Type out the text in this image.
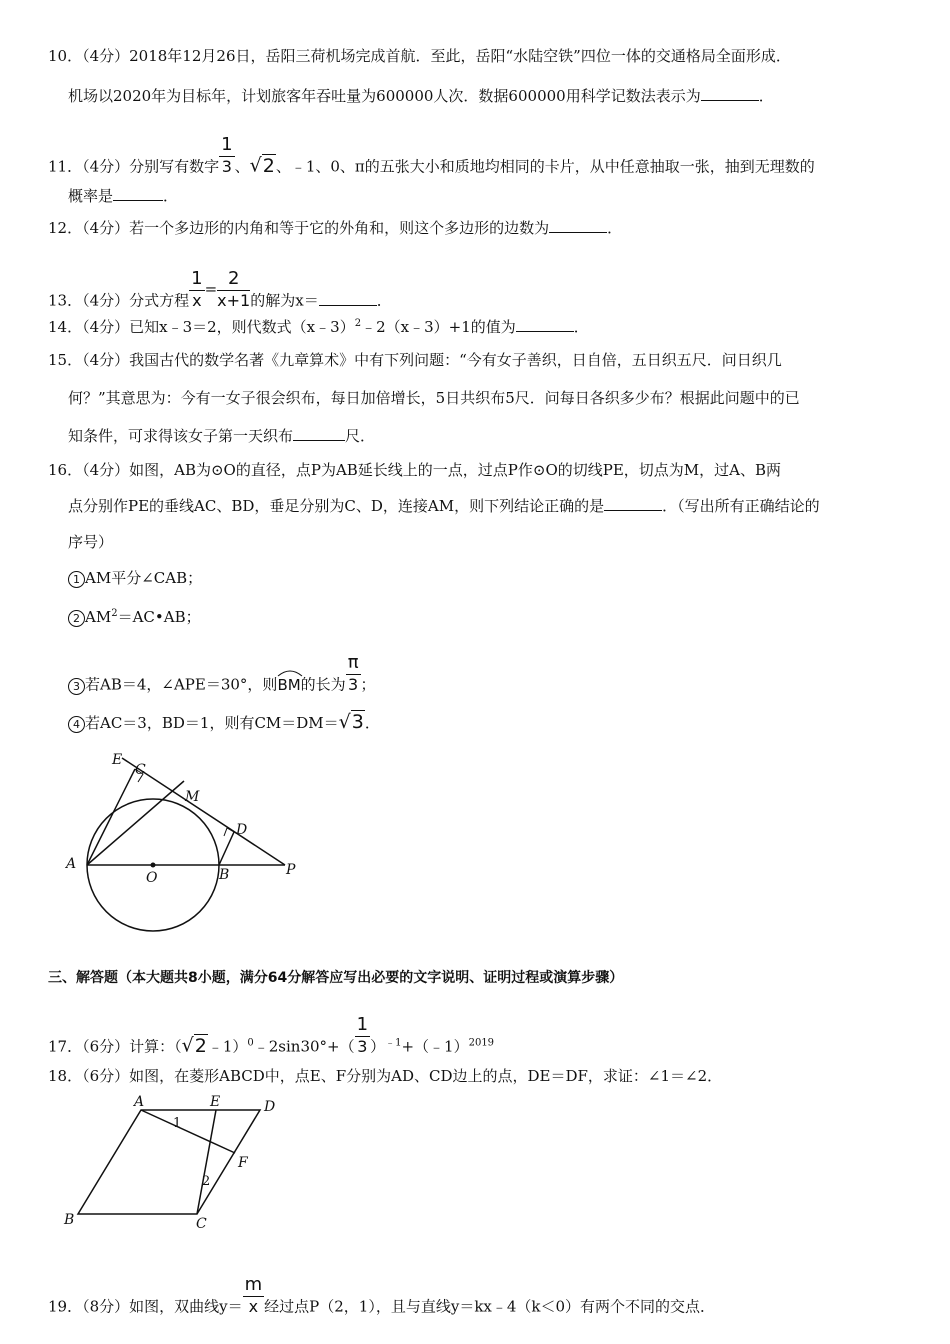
10．（4分）2018年12月26日，岳阳三荷机场完成首航．至此，岳阳“水陆空铁”四位一体的交通格局全面形成．
机场以2020年为目标年，计划旅客年吞吐量为600000人次．数据600000用科学记数法表示为	．
11．（4分）分别写有数字 $\frac{1}{3}$ 、√2、﹣1、0、π的五张大小和质地均相同的卡片，从中任意抽取一张，抽到无理数的
概率是	．
12．（4分）若一个多边形的内角和等于它的外角和，则这个多边形的边数为	．
13．（4分）分式方程 $\frac{1}{x} = \frac{2}{x+1}$ 的解为x＝	．
14．（4分）已知x﹣3＝2，则代数式（x﹣3）$^2$﹣2（x﹣3）+1的值为	．
15．（4分）我国古代的数学名著《九章算术》中有下列问题：“今有女子善织，日自倍，五日织五尺．问日织几
何？”其意思为：今有一女子很会织布，每日加倍增长，5日共织布5尺．问每日各织多少布？根据此问题中的已
知条件，可求得该女子第一天织布	尺．
16．（4分）如图，AB为⊙O的直径，点P为AB延长线上的一点，过点P作⊙O的切线PE，切点为M，过A、B两
点分别作PE的垂线AC、BD，垂足分别为C、D，连接AM，则下列结论正确的是	．（写出所有正确结论的
序号）
1 AM平分∠CAB；
2 $AM^2=AC•AB$；
3 若AB＝4，∠APE＝30°，则
BM的长为 $\frac{\pi}{3}$ ；
4 若AC＝3，BD＝1，则有CM＝DM＝√3．
E
C
M
D
A
O	B	P
三、解答题（本大题共8小题，满分64分解答应写出必要的文字说明、证明过程或演算步骤）
17．（6分）计算：（√2﹣1）$^0$﹣2sin30°+（ $\frac{1}{3}$ ）$^{﹣1}$+（﹣1）$^{2019}$
18．（6分）如图，在菱形ABCD中，点E、F分别为AD、CD边上的点，DE＝DF，求证：∠1＝∠2．
A	E	D
F
B	C
1
2
19．（8分）如图，双曲线$y= \frac{m}{x}$ 经过点P（2，1），且与直线y＝kx﹣4（k＜0）有两个不同的交点．
